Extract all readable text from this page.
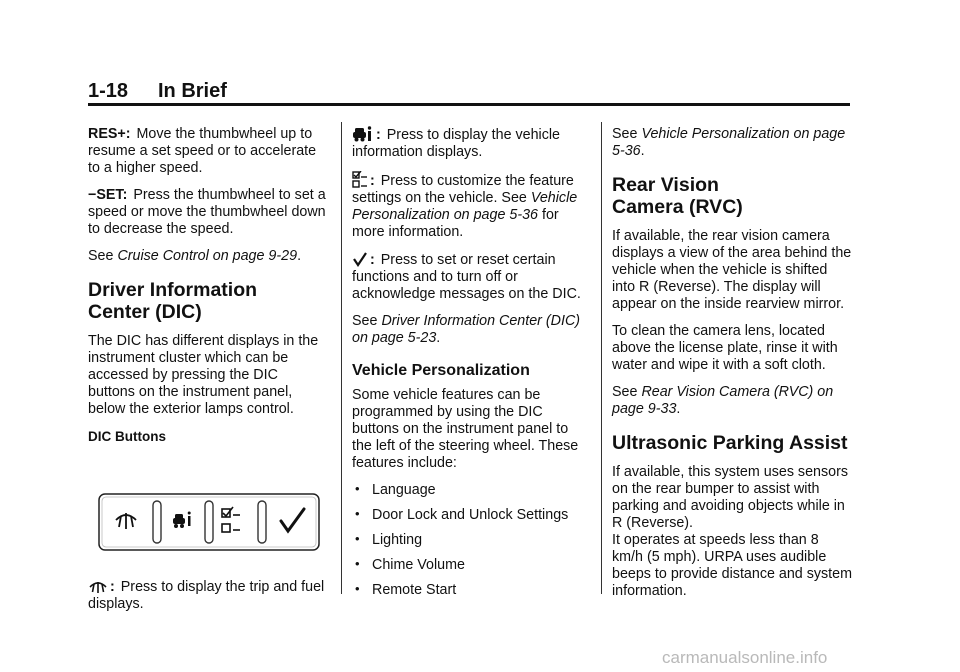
1-18 In Brief

RES+: Move the thumbwheel up to resume a set speed or to accelerate to a higher speed.

−SET: Press the thumbwheel to set a speed or move the thumbwheel down to decrease the speed.

See Cruise Control on page 9-29.

Driver Information
Center (DIC)

The DIC has different displays in the instrument cluster which can be accessed by pressing the DIC buttons on the instrument panel, below the exterior lamps control.

DIC Buttons

: Press to display the trip and fuel displays.

: Press to display the vehicle information displays.

: Press to customize the feature settings on the vehicle. See Vehicle Personalization on page 5-36 for more information.

: Press to set or reset certain functions and to turn off or acknowledge messages on the DIC.

See Driver Information Center (DIC) on page 5-23.

Vehicle Personalization

Some vehicle features can be programmed by using the DIC buttons on the instrument panel to the left of the steering wheel. These features include:

• Language
• Door Lock and Unlock Settings
• Lighting
• Chime Volume
• Remote Start

See Vehicle Personalization on page 5-36.

Rear Vision
Camera (RVC)

If available, the rear vision camera displays a view of the area behind the vehicle when the vehicle is shifted into R (Reverse). The display will appear on the inside rearview mirror.

To clean the camera lens, located above the license plate, rinse it with water and wipe it with a soft cloth.

See Rear Vision Camera (RVC) on page 9-33.

Ultrasonic Parking Assist

If available, this system uses sensors on the rear bumper to assist with parking and avoiding objects while in R (Reverse).

It operates at speeds less than 8 km/h (5 mph). URPA uses audible beeps to provide distance and system information.

carmanualsonline.info
